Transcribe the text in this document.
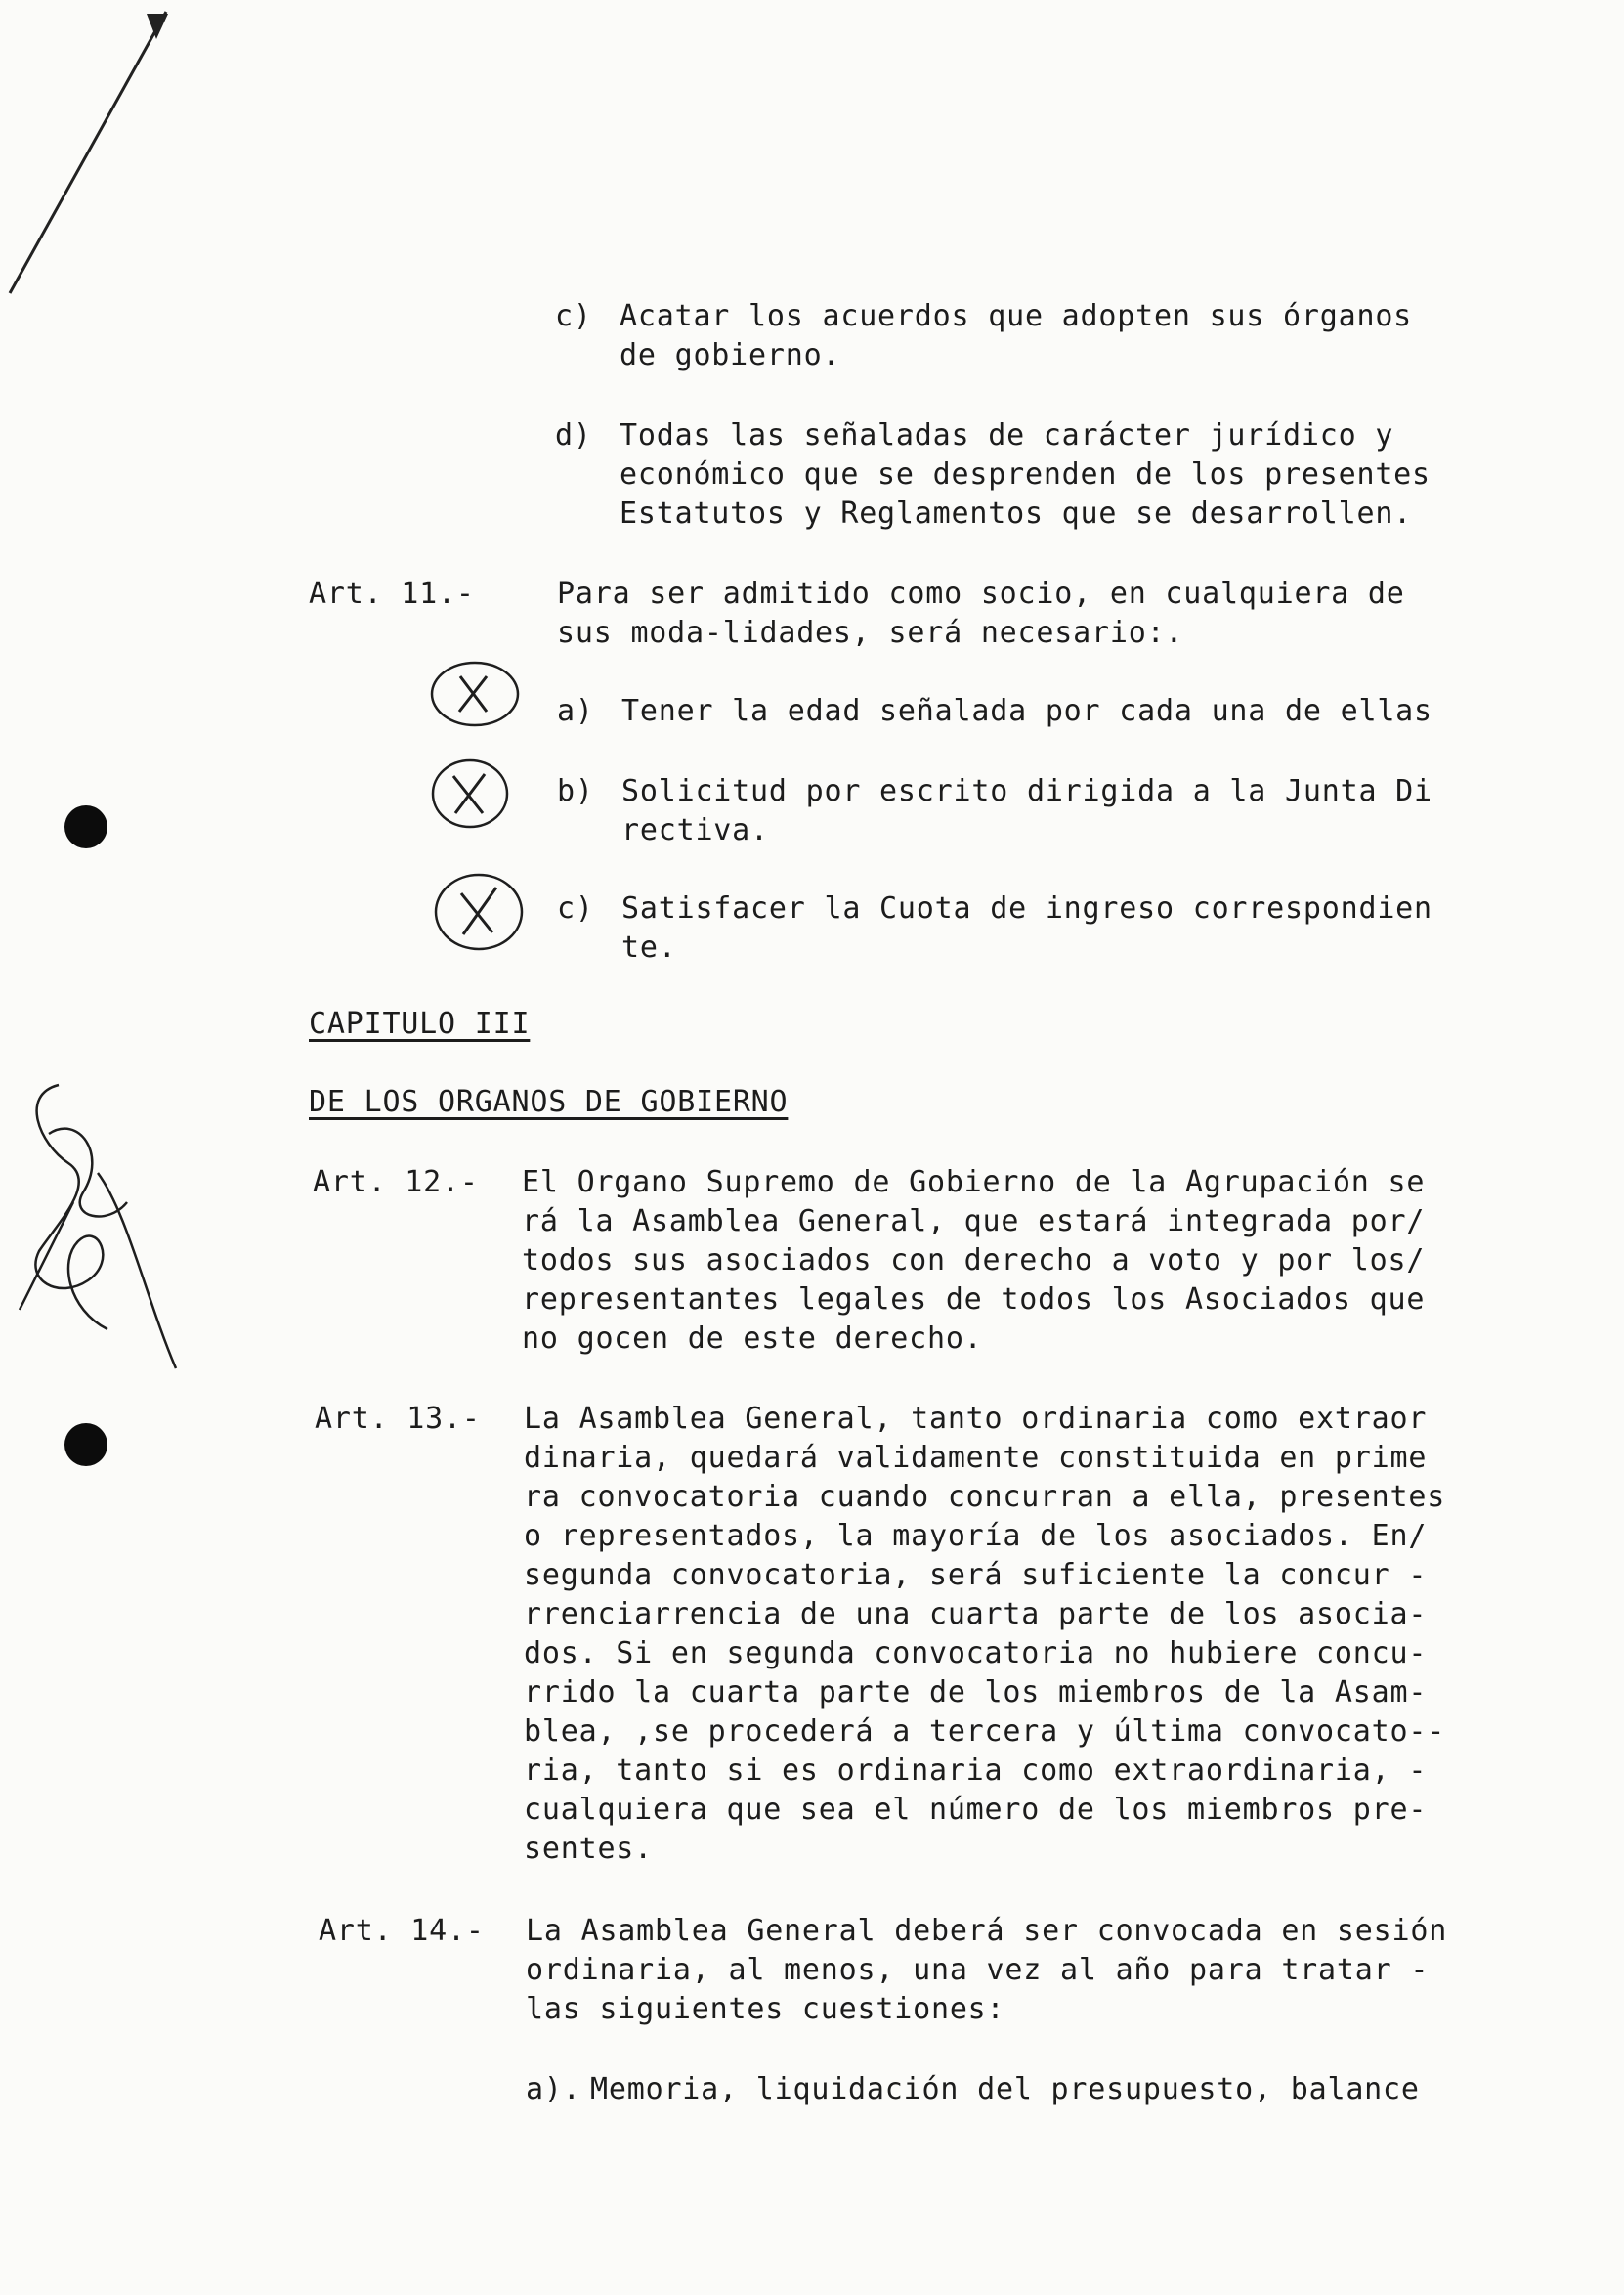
c) Acatar los acuerdos que adopten sus órganos
de gobierno.
d) Todas las señaladas de carácter jurídico y
económico que se desprenden de los presentes
Estatutos y Reglamentos que se desarrollen.
Art. 11.-	Para ser admitido como socio, en cualquiera de
sus moda-lidades, será necesario:.
a) Tener la edad señalada por cada una de ellas
b) Solicitud por escrito dirigida a la Junta Di
rectiva.
c) Satisfacer la Cuota de ingreso correspondien
te.
CAPITULO III
DE LOS ORGANOS DE GOBIERNO
Art. 12.- El Organo Supremo de Gobierno de la Agrupación se
rá la Asamblea General, que estará integrada por/
todos sus asociados con derecho a voto y por los/
representantes legales de todos los Asociados que
no gocen de este derecho.
Art. 13.- La Asamblea General, tanto ordinaria como extraor
dinaria, quedará validamente constituida en prime
ra convocatoria cuando concurran a ella, presentes
o representados, la mayoría de los asociados. En/
segunda convocatoria, será suficiente la concur -
rrenciarrencia de una cuarta parte de los asocia-
dos. Si en segunda convocatoria no hubiere concu-
rrido la cuarta parte de los miembros de la Asam-
blea, ,se procederá a tercera y última convocato--
ria, tanto si es ordinaria como extraordinaria, -
cualquiera que sea el número de los miembros pre-
sentes.
Art. 14.- La Asamblea General deberá ser convocada en sesión
ordinaria, al menos, una vez al año para tratar -
las siguientes cuestiones:
a). Memoria, liquidación del presupuesto, balance
